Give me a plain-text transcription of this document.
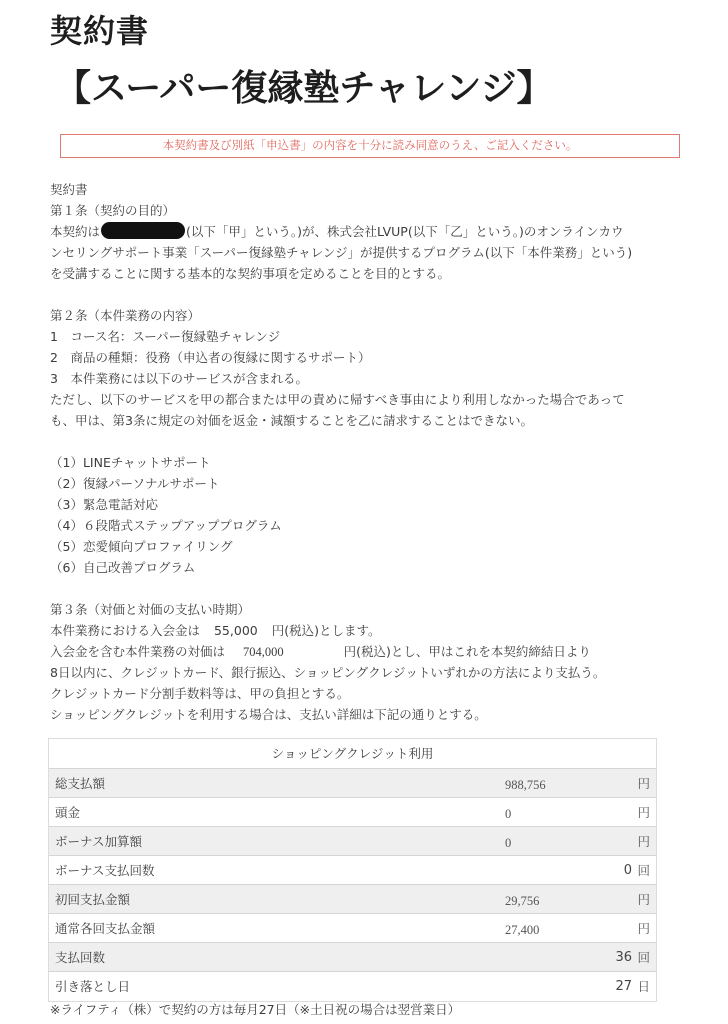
契約書
【スーパー復縁塾チャレンジ】
本契約書及び別紙「申込書」の内容を十分に読み同意のうえ、ご記入ください。
契約書
第１条（契約の目的）
本契約は	(以下「甲」という。)が、株式会社LVUP(以下「乙」という。)のオンラインカウ
ンセリングサポート事業「スーパー復縁塾チャレンジ」が提供するプログラム(以下「本件業務」という)
を受講することに関する基本的な契約事項を定めることを目的とする。
第２条（本件業務の内容）
1　コース名：スーパー復縁塾チャレンジ
2　商品の種類：役務（申込者の復縁に関するサポート）
3　本件業務には以下のサービスが含まれる。
ただし、以下のサービスを甲の都合または甲の責めに帰すべき事由により利用しなかった場合であって
も、甲は、第3条に規定の対価を返金・減額することを乙に請求することはできない。
（1）LINEチャットサポート
（2）復縁パーソナルサポート
（3）緊急電話対応
（4）６段階式ステップアッププログラム
（5）恋愛傾向プロファイリング
（6）自己改善プログラム
第３条（対価と対価の支払い時期）
本件業務における入会金は 55,000 円(税込)とします。
入会金を含む本件業務の対価は 704,000	円(税込)とし、甲はこれを本契約締結日より
8日以内に、クレジットカード、銀行振込、ショッピングクレジットいずれかの方法により支払う。
クレジットカード分割手数料等は、甲の負担とする。
ショッピングクレジットを利用する場合は、支払い詳細は下記の通りとする。
ショッピングクレジット利用
総支払額	988,756	円
頭金	0	円
ボーナス加算額	0	円
ボーナス支払回数	0 回
初回支払金額	29,756	円
通常各回支払金額	27,400	円
支払回数	36 回
引き落とし日	27 日
※ライフティ（株）で契約の方は毎月27日（※土日祝の場合は翌営業日）
